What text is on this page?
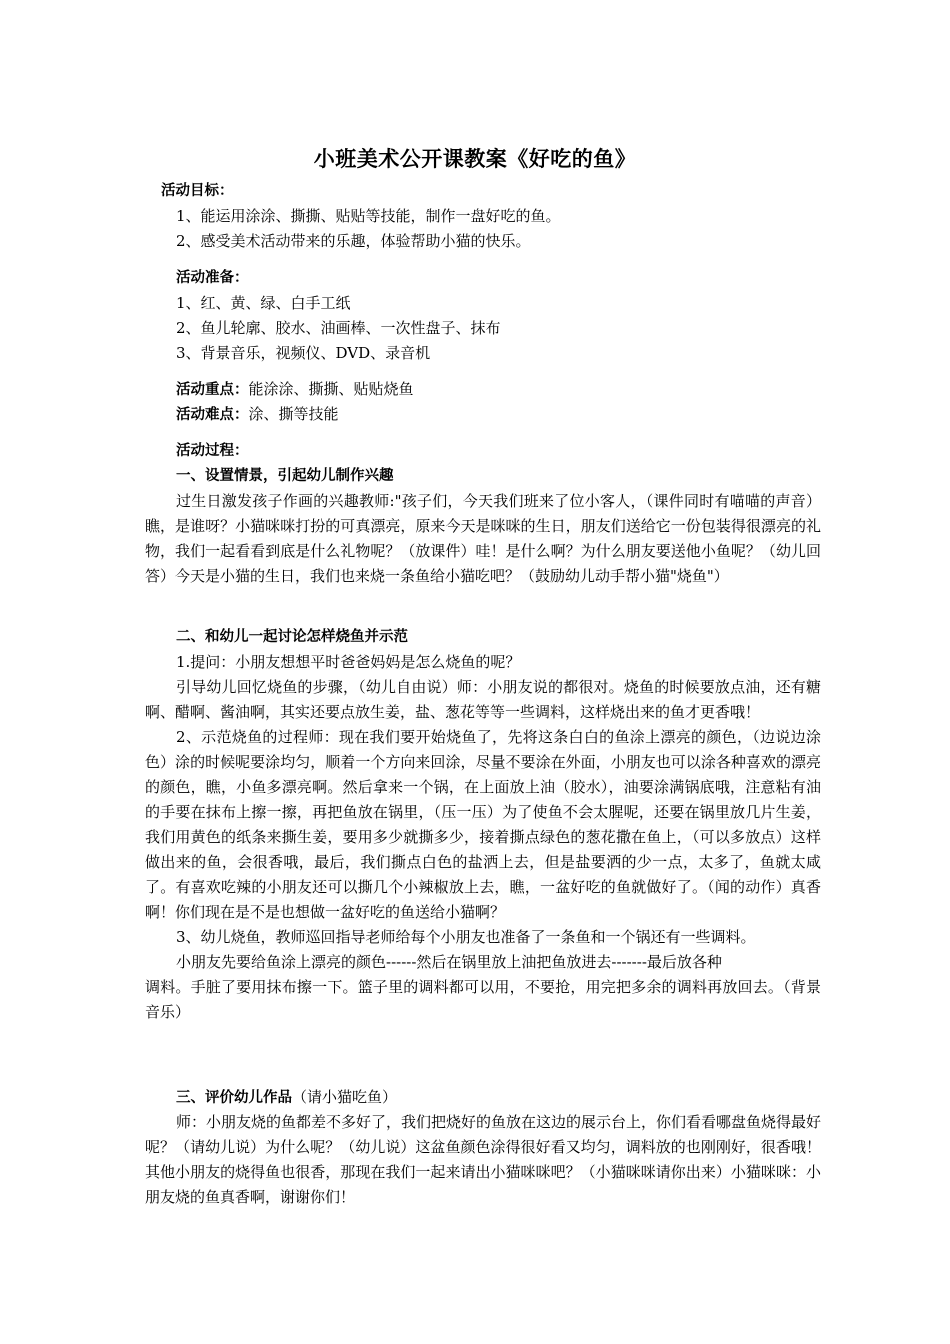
小班美术公开课教案《好吃的鱼》
活动目标：
1、能运用涂涂、撕撕、贴贴等技能，制作一盘好吃的鱼。
2、感受美术活动带来的乐趣，体验帮助小猫的快乐。
活动准备：
1、红、黄、绿、白手工纸
2、鱼儿轮廓、胶水、油画棒、一次性盘子、抹布
3、背景音乐，视频仪、DVD、录音机
活动重点：能涂涂、撕撕、贴贴烧鱼
活动难点：涂、撕等技能
活动过程：
一、设置情景，引起幼儿制作兴趣
过生日激发孩子作画的兴趣教师:"孩子们，今天我们班来了位小客人，（课件同时有喵喵的声音）瞧，是谁呀？小猫咪咪打扮的可真漂亮，原来今天是咪咪的生日，朋友们送给它一份包装得很漂亮的礼物，我们一起看看到底是什么礼物呢？（放课件）哇！是什么啊？为什么朋友要送他小鱼呢？（幼儿回答）今天是小猫的生日，我们也来烧一条鱼给小猫吃吧？（鼓励幼儿动手帮小猫"烧鱼"）
二、和幼儿一起讨论怎样烧鱼并示范
1.提问：小朋友想想平时爸爸妈妈是怎么烧鱼的呢？
引导幼儿回忆烧鱼的步骤，（幼儿自由说）师：小朋友说的都很对。烧鱼的时候要放点油，还有糖啊、醋啊、酱油啊，其实还要点放生姜，盐、葱花等等一些调料，这样烧出来的鱼才更香哦！
2、示范烧鱼的过程师：现在我们要开始烧鱼了，先将这条白白的鱼涂上漂亮的颜色，（边说边涂色）涂的时候呢要涂均匀，顺着一个方向来回涂，尽量不要涂在外面，小朋友也可以涂各种喜欢的漂亮的颜色，瞧，小鱼多漂亮啊。然后拿来一个锅，在上面放上油（胶水），油要涂满锅底哦，注意粘有油的手要在抹布上擦一擦，再把鱼放在锅里，（压一压）为了使鱼不会太腥呢，还要在锅里放几片生姜，我们用黄色的纸条来撕生姜，要用多少就撕多少，接着撕点绿色的葱花撒在鱼上，（可以多放点）这样做出来的鱼，会很香哦，最后，我们撕点白色的盐洒上去，但是盐要洒的少一点，太多了，鱼就太咸了。有喜欢吃辣的小朋友还可以撕几个小辣椒放上去，瞧，一盆好吃的鱼就做好了。（闻的动作）真香啊！你们现在是不是也想做一盆好吃的鱼送给小猫啊？
3、幼儿烧鱼，教师巡回指导老师给每个小朋友也准备了一条鱼和一个锅还有一些调料。
小朋友先要给鱼涂上漂亮的颜色------然后在锅里放上油把鱼放进去-------最后放各种
调料。手脏了要用抹布擦一下。篮子里的调料都可以用，不要抢，用完把多余的调料再放回去。（背景音乐）
三、评价幼儿作品（请小猫吃鱼）
师：小朋友烧的鱼都差不多好了，我们把烧好的鱼放在这边的展示台上，你们看看哪盘鱼烧得最好呢？（请幼儿说）为什么呢？（幼儿说）这盆鱼颜色涂得很好看又均匀，调料放的也刚刚好，很香哦！其他小朋友的烧得鱼也很香，那现在我们一起来请出小猫咪咪吧？（小猫咪咪请你出来）小猫咪咪：小朋友烧的鱼真香啊，谢谢你们！
